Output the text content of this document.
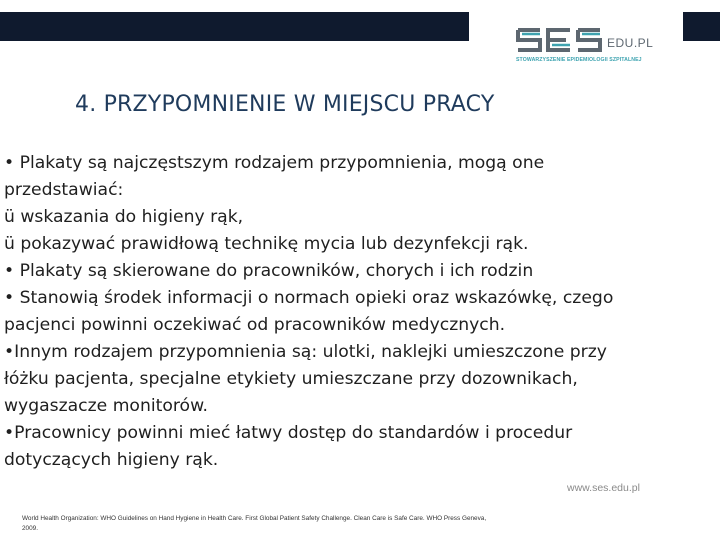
EDU.PL
STOWARZYSZENIE EPIDEMIOLOGII SZPITALNEJ
4. PRZYPOMNIENIE W MIEJSCU PRACY
• Plakaty są najczęstszym rodzajem przypomnienia, mogą one
przedstawiać:
ü wskazania do higieny rąk,
ü pokazywać prawidłową technikę mycia lub dezynfekcji rąk.
• Plakaty są skierowane do pracowników, chorych i ich rodzin
• Stanowią środek informacji o normach opieki oraz wskazówkę, czego
pacjenci powinni oczekiwać od pracowników medycznych.
•Innym rodzajem przypomnienia są: ulotki, naklejki umieszczone przy
łóżku pacjenta, specjalne etykiety umieszczane przy dozownikach,
wygaszacze monitorów.
•Pracownicy powinni mieć łatwy dostęp do standardów i procedur
dotyczących higieny rąk.
www.ses.edu.pl
World Health Organization: WHO Guidelines on Hand Hygiene in Health Care. First Global Patient Safety Challenge. Clean Care is Safe Care. WHO Press Geneva,
2009.
